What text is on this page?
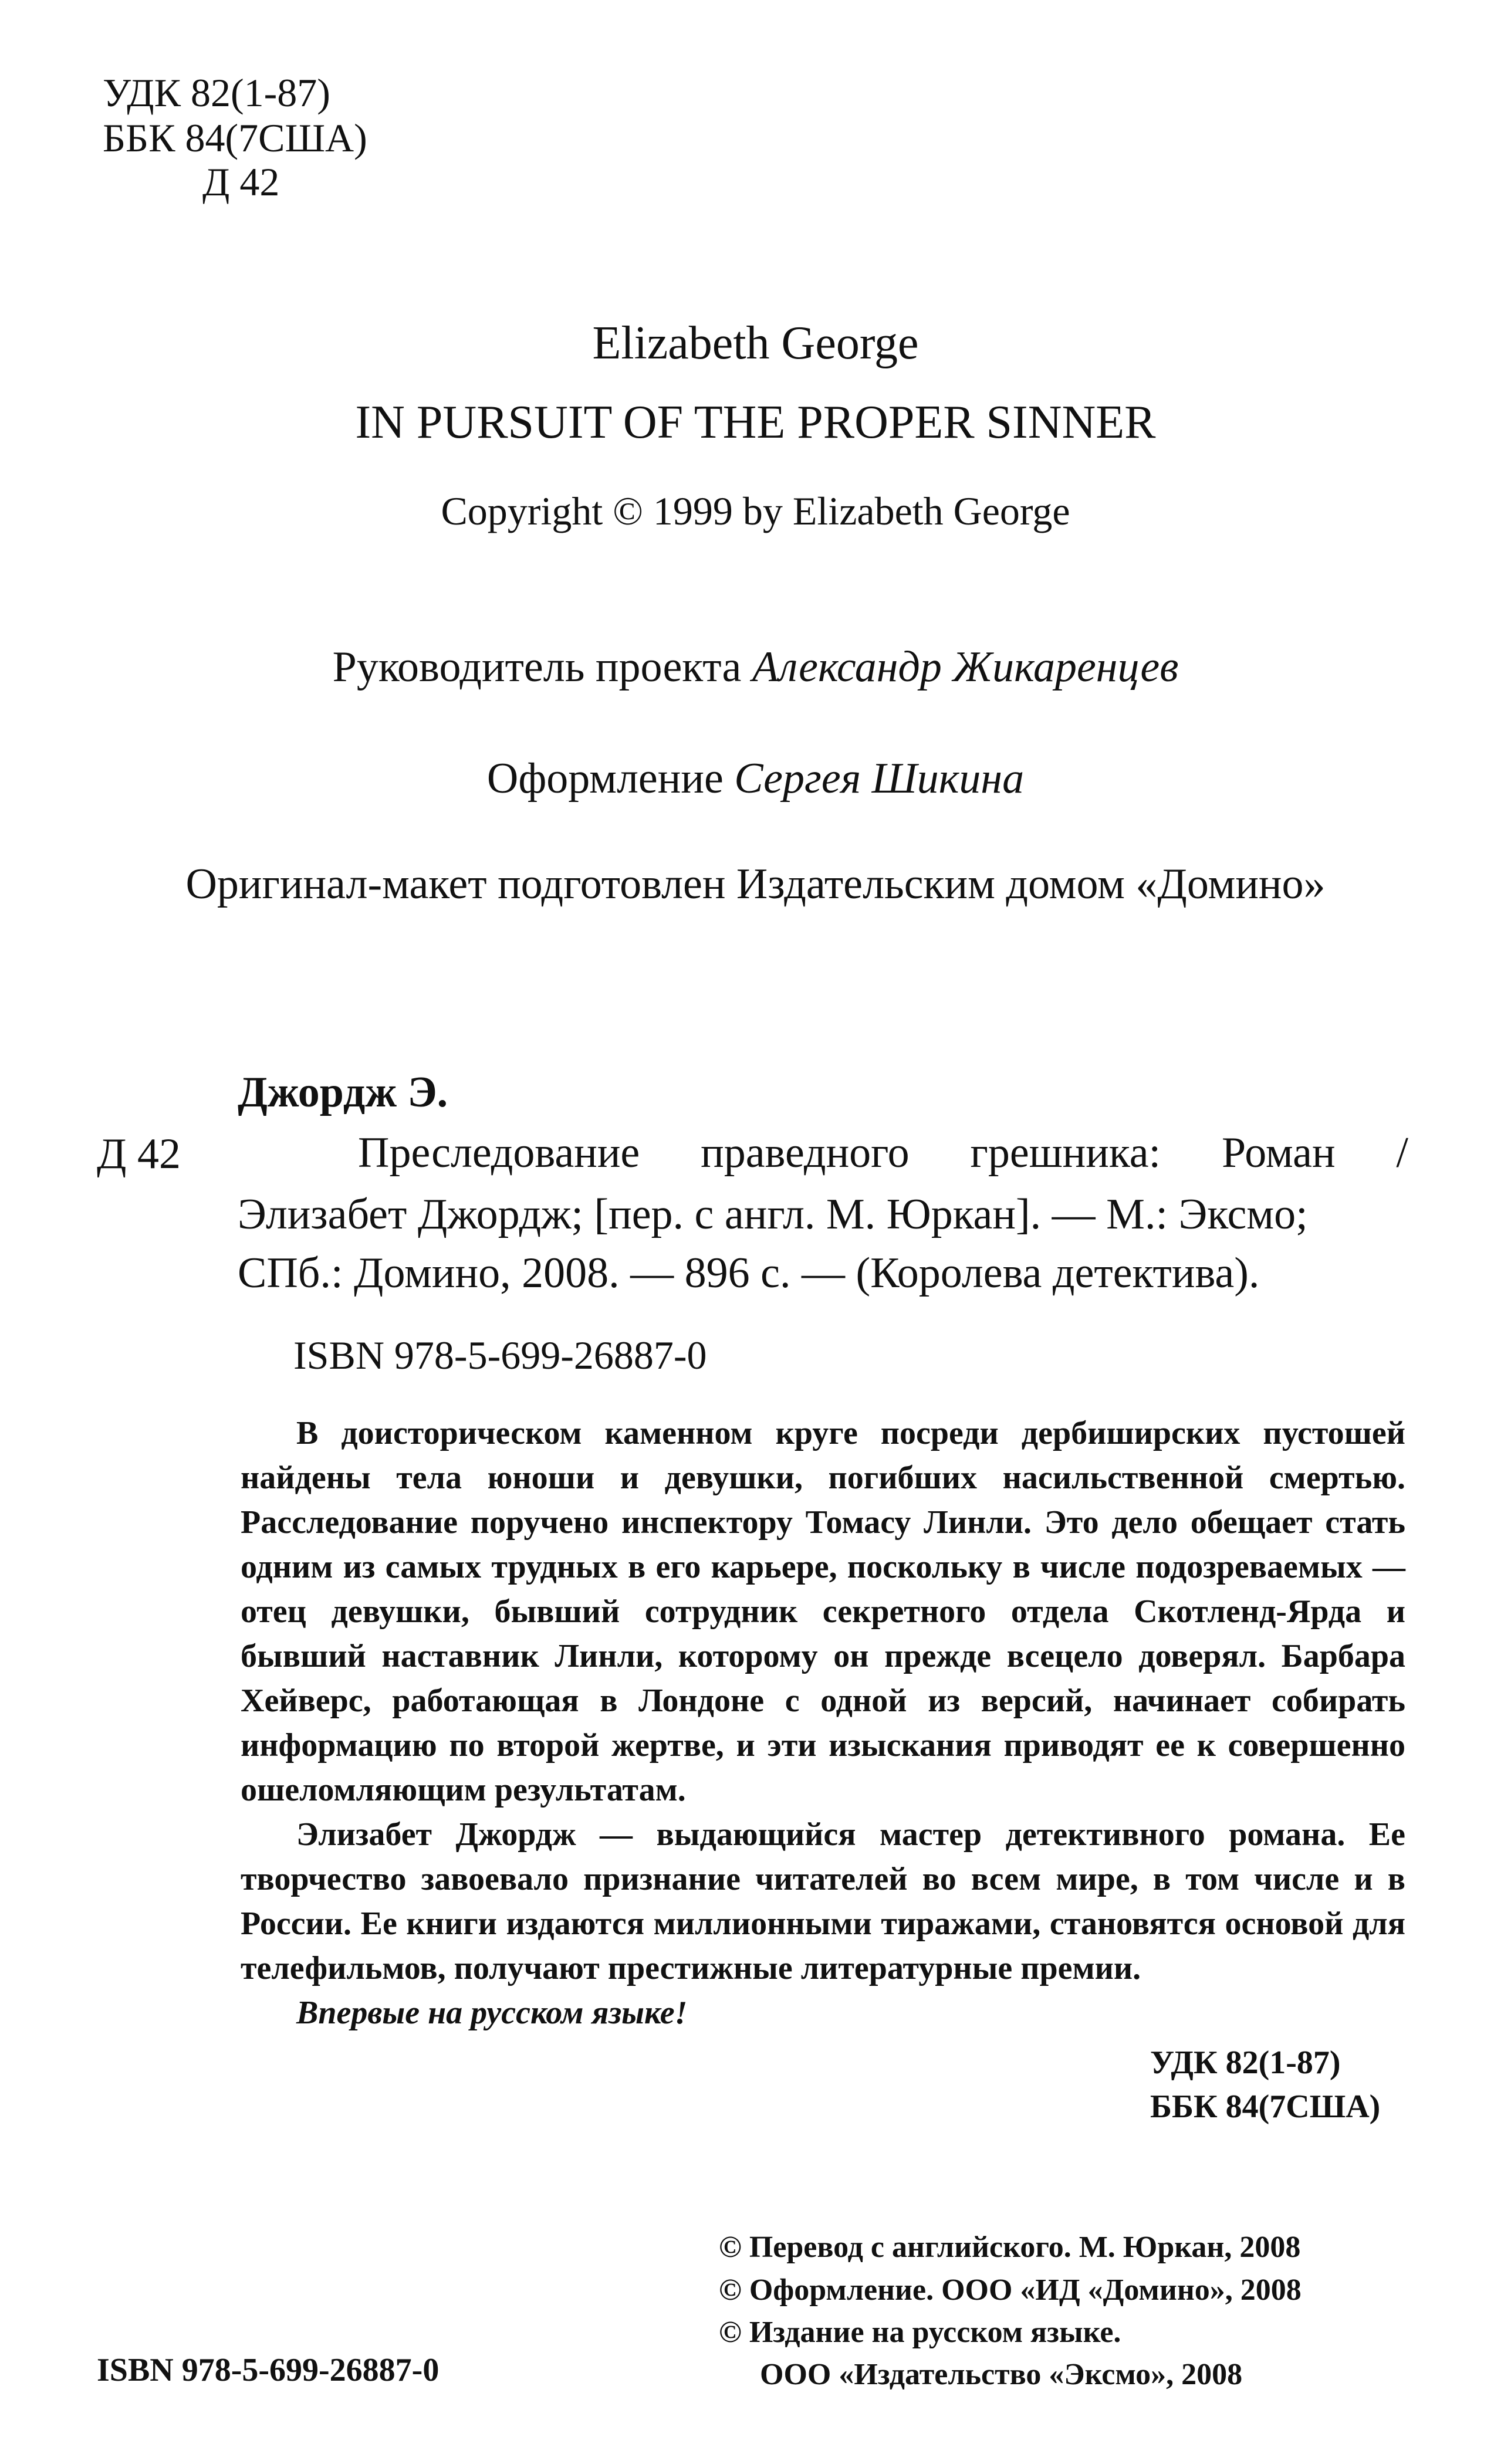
УДК 82(1-87)
ББК 84(7США)
Д 42
Elizabeth George
IN PURSUIT OF THE PROPER SINNER
Copyright © 1999 by Elizabeth George
Руководитель проекта Александр Жикаренцев
Оформление Сергея Шикина
Оригинал-макет подготовлен Издательским домом «Домино»
Джордж Э.
Д 42	Преследование праведного грешника: Роман /
Элизабет Джордж; [пер. с англ. М. Юркан]. — М.: Эксмо;
СПб.: Домино, 2008. — 896 с. — (Королева детектива).
ISBN 978-5-699-26887-0

В доисторическом каменном круге посреди дербиширских пустошей найдены тела юноши и девушки, погибших насильственной смертью. Расследование поручено инспектору Томасу Линли. Это дело обещает стать одним из самых трудных в его карьере, поскольку в числе подозреваемых — отец девушки, бывший сотрудник секретного отдела Скотленд-Ярда и бывший наставник Линли, которому он прежде всецело доверял. Барбара Хейверс, работающая в Лондоне с одной из версий, начинает собирать информацию по второй жертве, и эти изыскания приводят ее к совершенно ошеломляющим результатам.

Элизабет Джордж — выдающийся мастер детективного романа. Ее творчество завоевало признание читателей во всем мире, в том числе и в России. Ее книги издаются миллионными тиражами, становятся основой для телефильмов, получают престижные литературные премии.

Впервые на русском языке!

УДК 82(1-87)
ББК 84(7США)
© Перевод с английского. М. Юркан, 2008
© Оформление. ООО «ИД «Домино», 2008
© Издание на русском языке.
ООО «Издательство «Эксмо», 2008
ISBN 978-5-699-26887-0
